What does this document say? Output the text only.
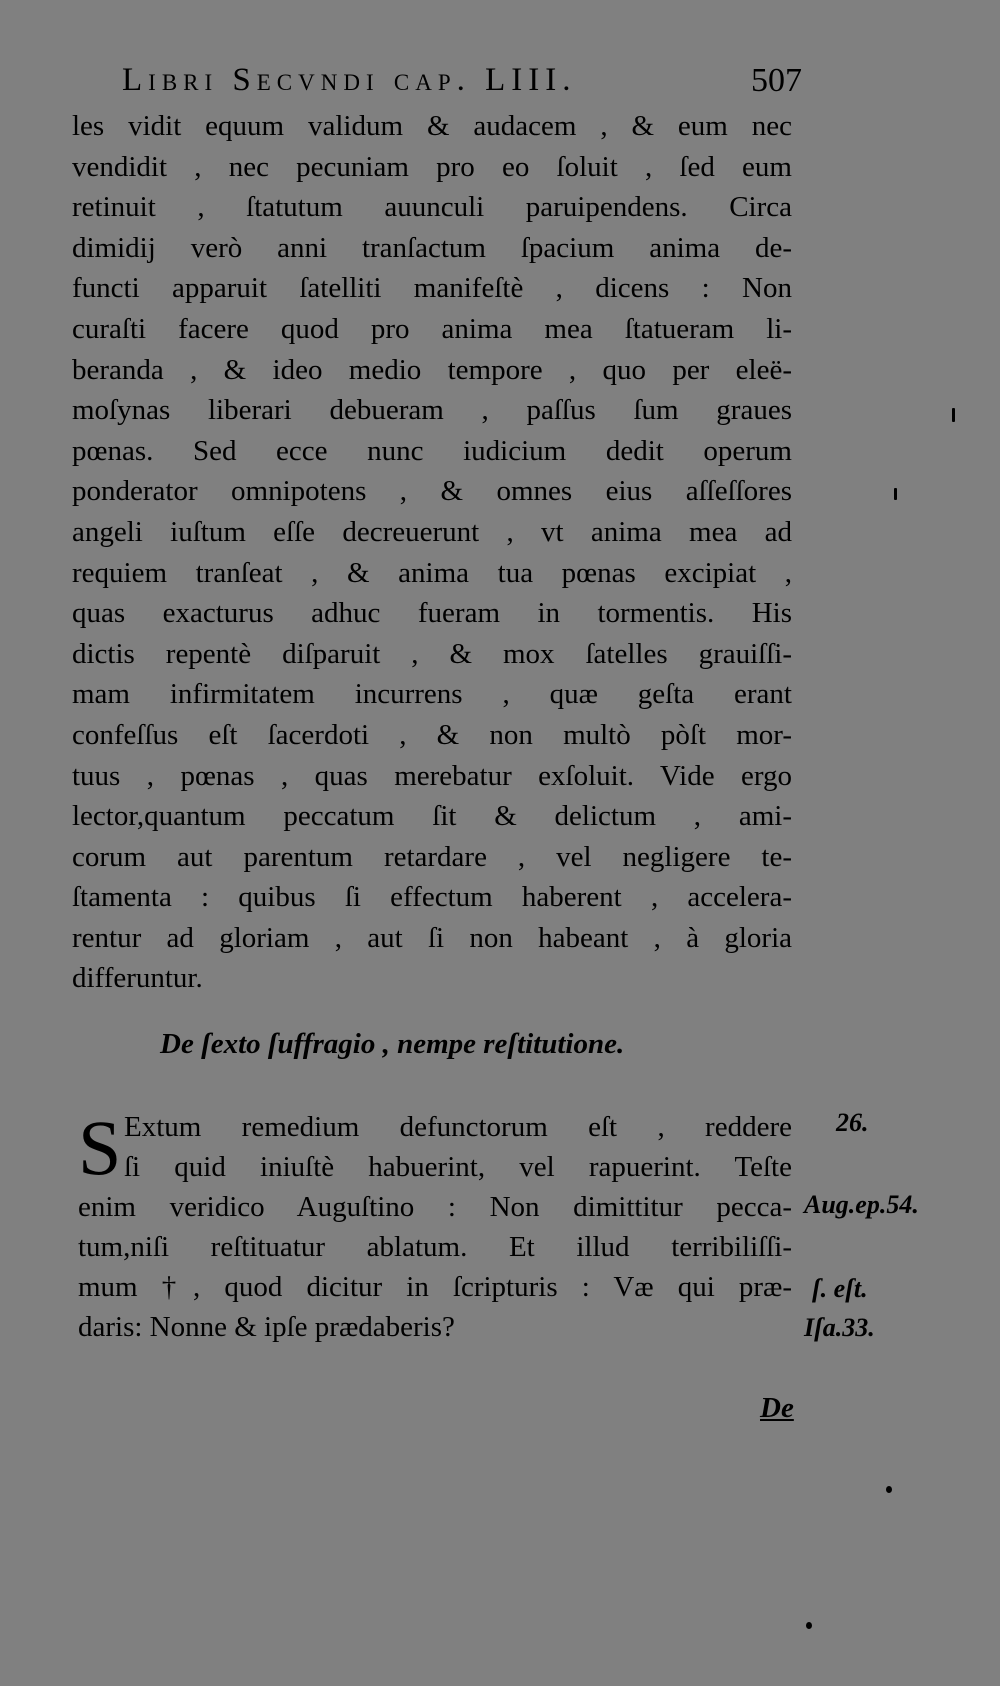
Libri Secvndi cap. LIII.	507
les vidit equum validum & audacem , & eum nec
vendidit , nec pecuniam pro eo ſoluit , ſed eum
retinuit , ſtatutum auunculi paruipendens. Circa
dimidij verò anni tranſactum ſpacium anima de-
functi apparuit ſatelliti manifeſtè , dicens : Non
curaſti facere quod pro anima mea ſtatueram li-
beranda , & ideo medio tempore , quo per eleë-
moſynas liberari debueram , paſſus ſum graues
pœnas. Sed ecce nunc iudicium dedit operum
ponderator omnipotens , & omnes eius aſſeſſores
angeli iuſtum eſſe decreuerunt , vt anima mea ad
requiem tranſeat , & anima tua pœnas excipiat ,
quas exacturus adhuc fueram in tormentis. His
dictis repentè diſparuit , & mox ſatelles grauiſſi-
mam infirmitatem incurrens , quæ geſta erant
confeſſus eſt ſacerdoti , & non multò pòſt mor-
tuus , pœnas , quas merebatur exſoluit. Vide ergo
lector,quantum peccatum ſit & delictum , ami-
corum aut parentum retardare , vel negligere te-
ſtamenta : quibus ſi effectum haberent , accelera-
rentur ad gloriam , aut ſi non habeant , à gloria
differuntur.
De ſexto ſuffragio , nempe reſtitutione.
S Extum remedium defunctorum eſt , reddere
ſi quid iniuſtè habuerint, vel rapuerint. Teſte
enim veridico Auguſtino : Non dimittitur pecca-
tum,niſi reſtituatur ablatum. Et illud terribiliſſi-
mum †, quod dicitur in ſcripturis : Væ qui præ-
daris: Nonne & ipſe prædaberis?
26.
Aug.ep.54.
ſ. eſt.
Iſa.33.
De
